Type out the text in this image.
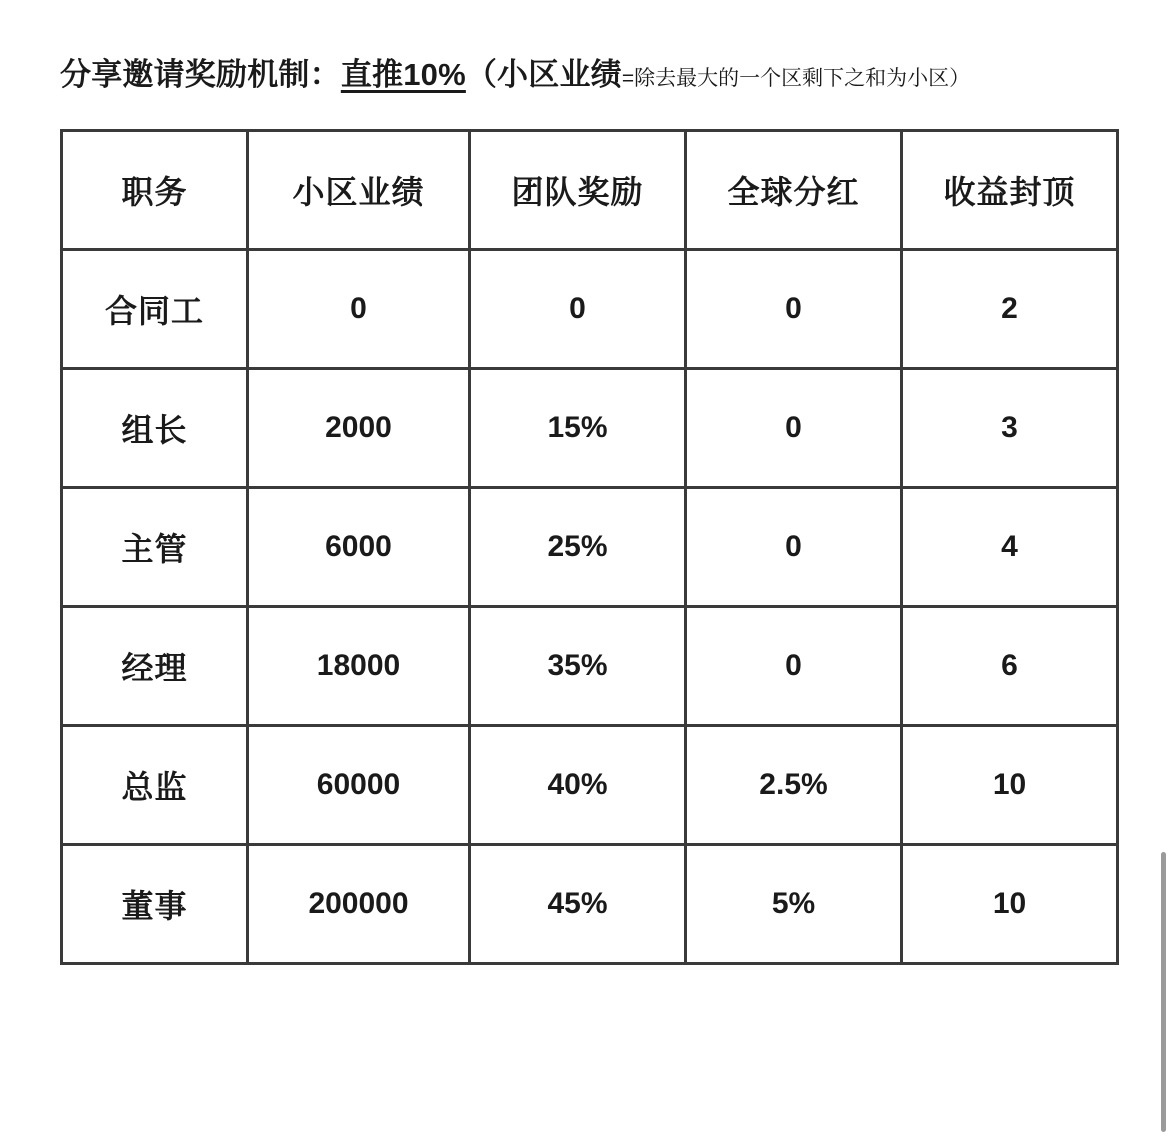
分享邀请奖励机制：直推10%（小区业绩=除去最大的一个区剩下之和为小区）

职务	小区业绩	团队奖励	全球分红	收益封顶
合同工	0	0	0	2
组长	2000	15%	0	3
主管	6000	25%	0	4
经理	18000	35%	0	6
总监	60000	40%	2.5%	10
董事	200000	45%	5%	10
